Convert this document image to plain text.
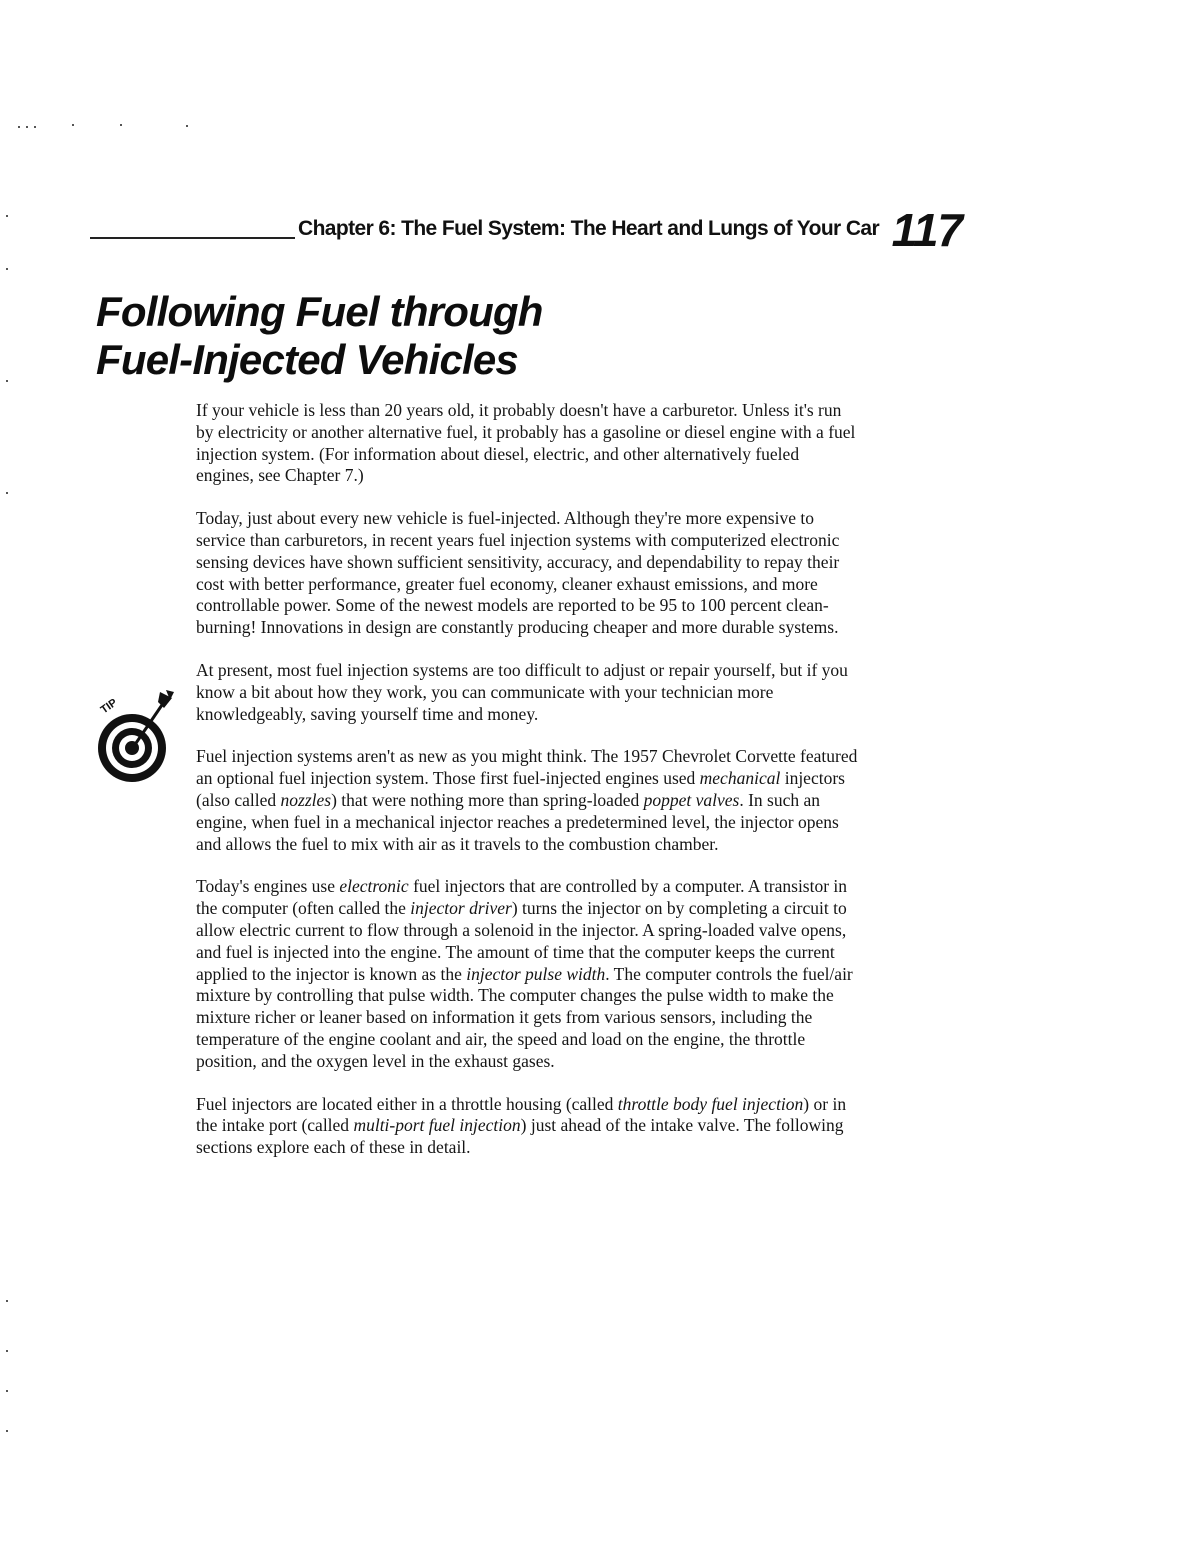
Chapter 6: The Fuel System: The Heart and Lungs of Your Car 117
Following Fuel through
Fuel-Injected Vehicles
TIP

If your vehicle is less than 20 years old, it probably doesn't have a carburetor. Unless it's run by electricity or another alternative fuel, it probably has a gasoline or diesel engine with a fuel injection system. (For information about diesel, electric, and other alternatively fueled engines, see Chapter 7.)

Today, just about every new vehicle is fuel-injected. Although they're more expensive to service than carburetors, in recent years fuel injection systems with computerized electronic sensing devices have shown sufficient sensitivity, accuracy, and dependability to repay their cost with better performance, greater fuel economy, cleaner exhaust emissions, and more controllable power. Some of the newest models are reported to be 95 to 100 percent clean-burning! Innovations in design are constantly producing cheaper and more durable systems.

At present, most fuel injection systems are too difficult to adjust or repair yourself, but if you know a bit about how they work, you can communicate with your technician more knowledgeably, saving yourself time and money.

Fuel injection systems aren't as new as you might think. The 1957 Chevrolet Corvette featured an optional fuel injection system. Those first fuel-injected engines used mechanical injectors (also called nozzles) that were nothing more than spring-loaded poppet valves. In such an engine, when fuel in a mechanical injector reaches a predetermined level, the injector opens and allows the fuel to mix with air as it travels to the combustion chamber.

Today's engines use electronic fuel injectors that are controlled by a computer. A transistor in the computer (often called the injector driver) turns the injector on by completing a circuit to allow electric current to flow through a solenoid in the injector. A spring-loaded valve opens, and fuel is injected into the engine. The amount of time that the computer keeps the current applied to the injector is known as the injector pulse width. The computer controls the fuel/air mixture by controlling that pulse width. The computer changes the pulse width to make the mixture richer or leaner based on information it gets from various sensors, including the temperature of the engine coolant and air, the speed and load on the engine, the throttle position, and the oxygen level in the exhaust gases.

Fuel injectors are located either in a throttle housing (called throttle body fuel injection) or in the intake port (called multi-port fuel injection) just ahead of the intake valve. The following sections explore each of these in detail.
